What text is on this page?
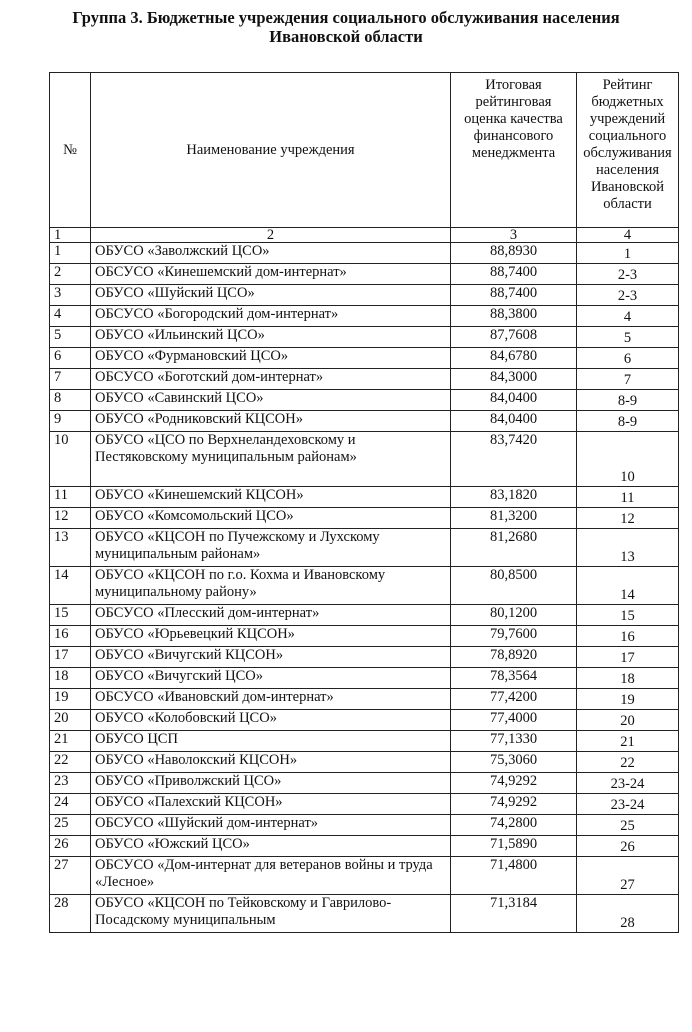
Группа 3. Бюджетные учреждения социального обслуживания населения
Ивановской области
№	Наименование учреждения	Итоговая рейтинговая оценка качества финансового менеджмента	Рейтинг бюджетных учреждений социального обслуживания населения Ивановской области
1	2	3	4
1	ОБУСО «Заволжский ЦСО»	88,8930	1
2	ОБСУСО «Кинешемский дом-интернат»	88,7400	2-3
3	ОБУСО «Шуйский ЦСО»	88,7400	2-3
4	ОБСУСО «Богородский дом-интернат»	88,3800	4
5	ОБУСО «Ильинский ЦСО»	87,7608	5
6	ОБУСО «Фурмановский ЦСО»	84,6780	6
7	ОБСУСО «Боготский дом-интернат»	84,3000	7
8	ОБУСО «Савинский ЦСО»	84,0400	8-9
9	ОБУСО «Родниковский КЦСОН»	84,0400	8-9
10	ОБУСО «ЦСО по Верхнеландеховскому и Пестяковскому муниципальным районам»	83,7420	10
11	ОБУСО «Кинешемский КЦСОН»	83,1820	11
12	ОБУСО «Комсомольский ЦСО»	81,3200	12
13	ОБУСО «КЦСОН по Пучежскому и Лухскому муниципальным районам»	81,2680	13
14	ОБУСО «КЦСОН по г.о. Кохма и Ивановскому муниципальному району»	80,8500	14
15	ОБСУСО «Плесский дом-интернат»	80,1200	15
16	ОБУСО «Юрьевецкий КЦСОН»	79,7600	16
17	ОБУСО «Вичугский КЦСОН»	78,8920	17
18	ОБУСО «Вичугский ЦСО»	78,3564	18
19	ОБСУСО «Ивановский дом-интернат»	77,4200	19
20	ОБУСО «Колобовский ЦСО»	77,4000	20
21	ОБУСО ЦСП	77,1330	21
22	ОБУСО «Наволокский КЦСОН»	75,3060	22
23	ОБУСО «Приволжский ЦСО»	74,9292	23-24
24	ОБУСО «Палехский КЦСОН»	74,9292	23-24
25	ОБСУСО «Шуйский дом-интернат»	74,2800	25
26	ОБУСО «Южский ЦСО»	71,5890	26
27	ОБСУСО «Дом-интернат для ветеранов войны и труда «Лесное»	71,4800	27
28	ОБУСО «КЦСОН по Тейковскому и Гаврилово-Посадскому муниципальным	71,3184	28
